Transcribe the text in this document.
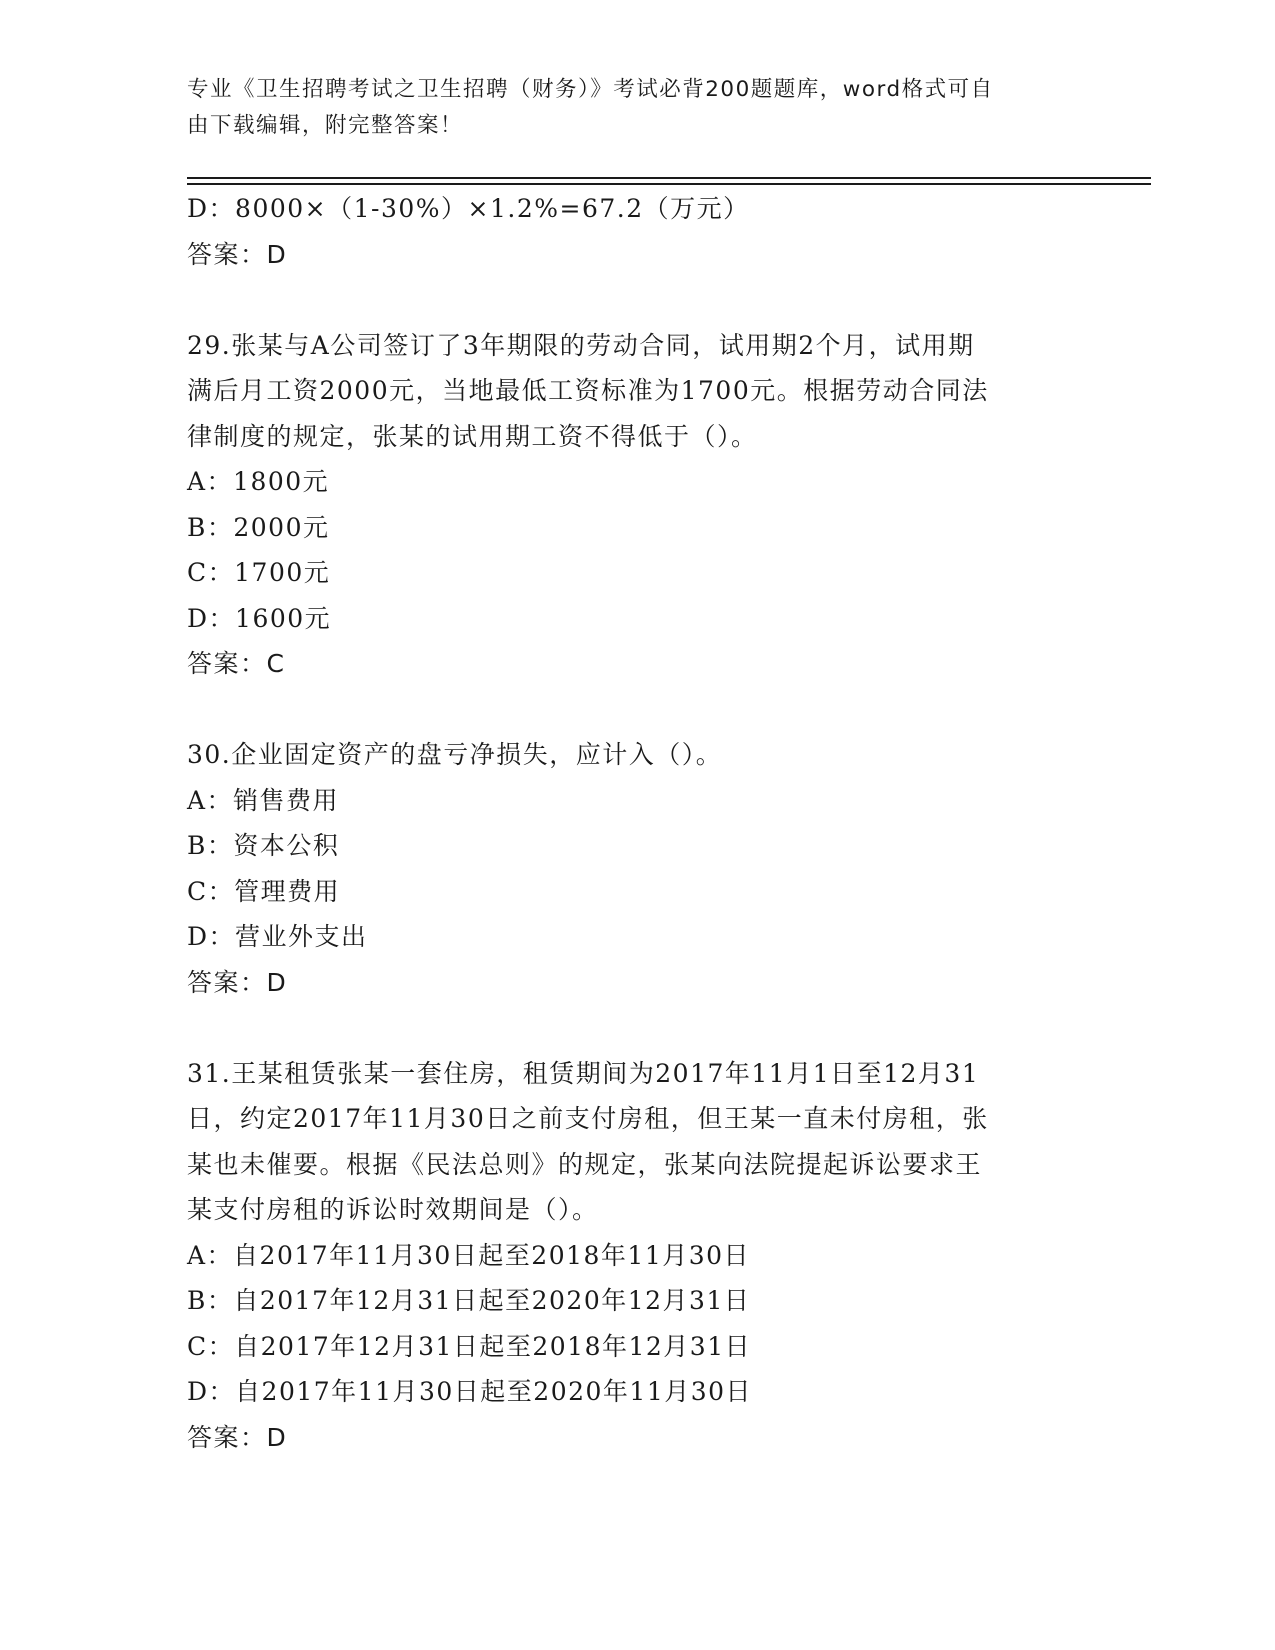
专业《卫生招聘考试之卫生招聘（财务）》考试必背200题题库，word格式可自
由下载编辑，附完整答案！
D：8000×（1-30%）×1.2%=67.2（万元）
答案：D
29.张某与A公司签订了3年期限的劳动合同，试用期2个月，试用期
满后月工资2000元，当地最低工资标准为1700元。根据劳动合同法
律制度的规定，张某的试用期工资不得低于（）。
A：1800元
B：2000元
C：1700元
D：1600元
答案：C
30.企业固定资产的盘亏净损失，应计入（）。
A：销售费用
B：资本公积
C：管理费用
D：营业外支出
答案：D
31.王某租赁张某一套住房，租赁期间为2017年11月1日至12月31
日，约定2017年11月30日之前支付房租，但王某一直未付房租，张
某也未催要。根据《民法总则》的规定，张某向法院提起诉讼要求王
某支付房租的诉讼时效期间是（）。
A：自2017年11月30日起至2018年11月30日
B：自2017年12月31日起至2020年12月31日
C：自2017年12月31日起至2018年12月31日
D：自2017年11月30日起至2020年11月30日
答案：D
